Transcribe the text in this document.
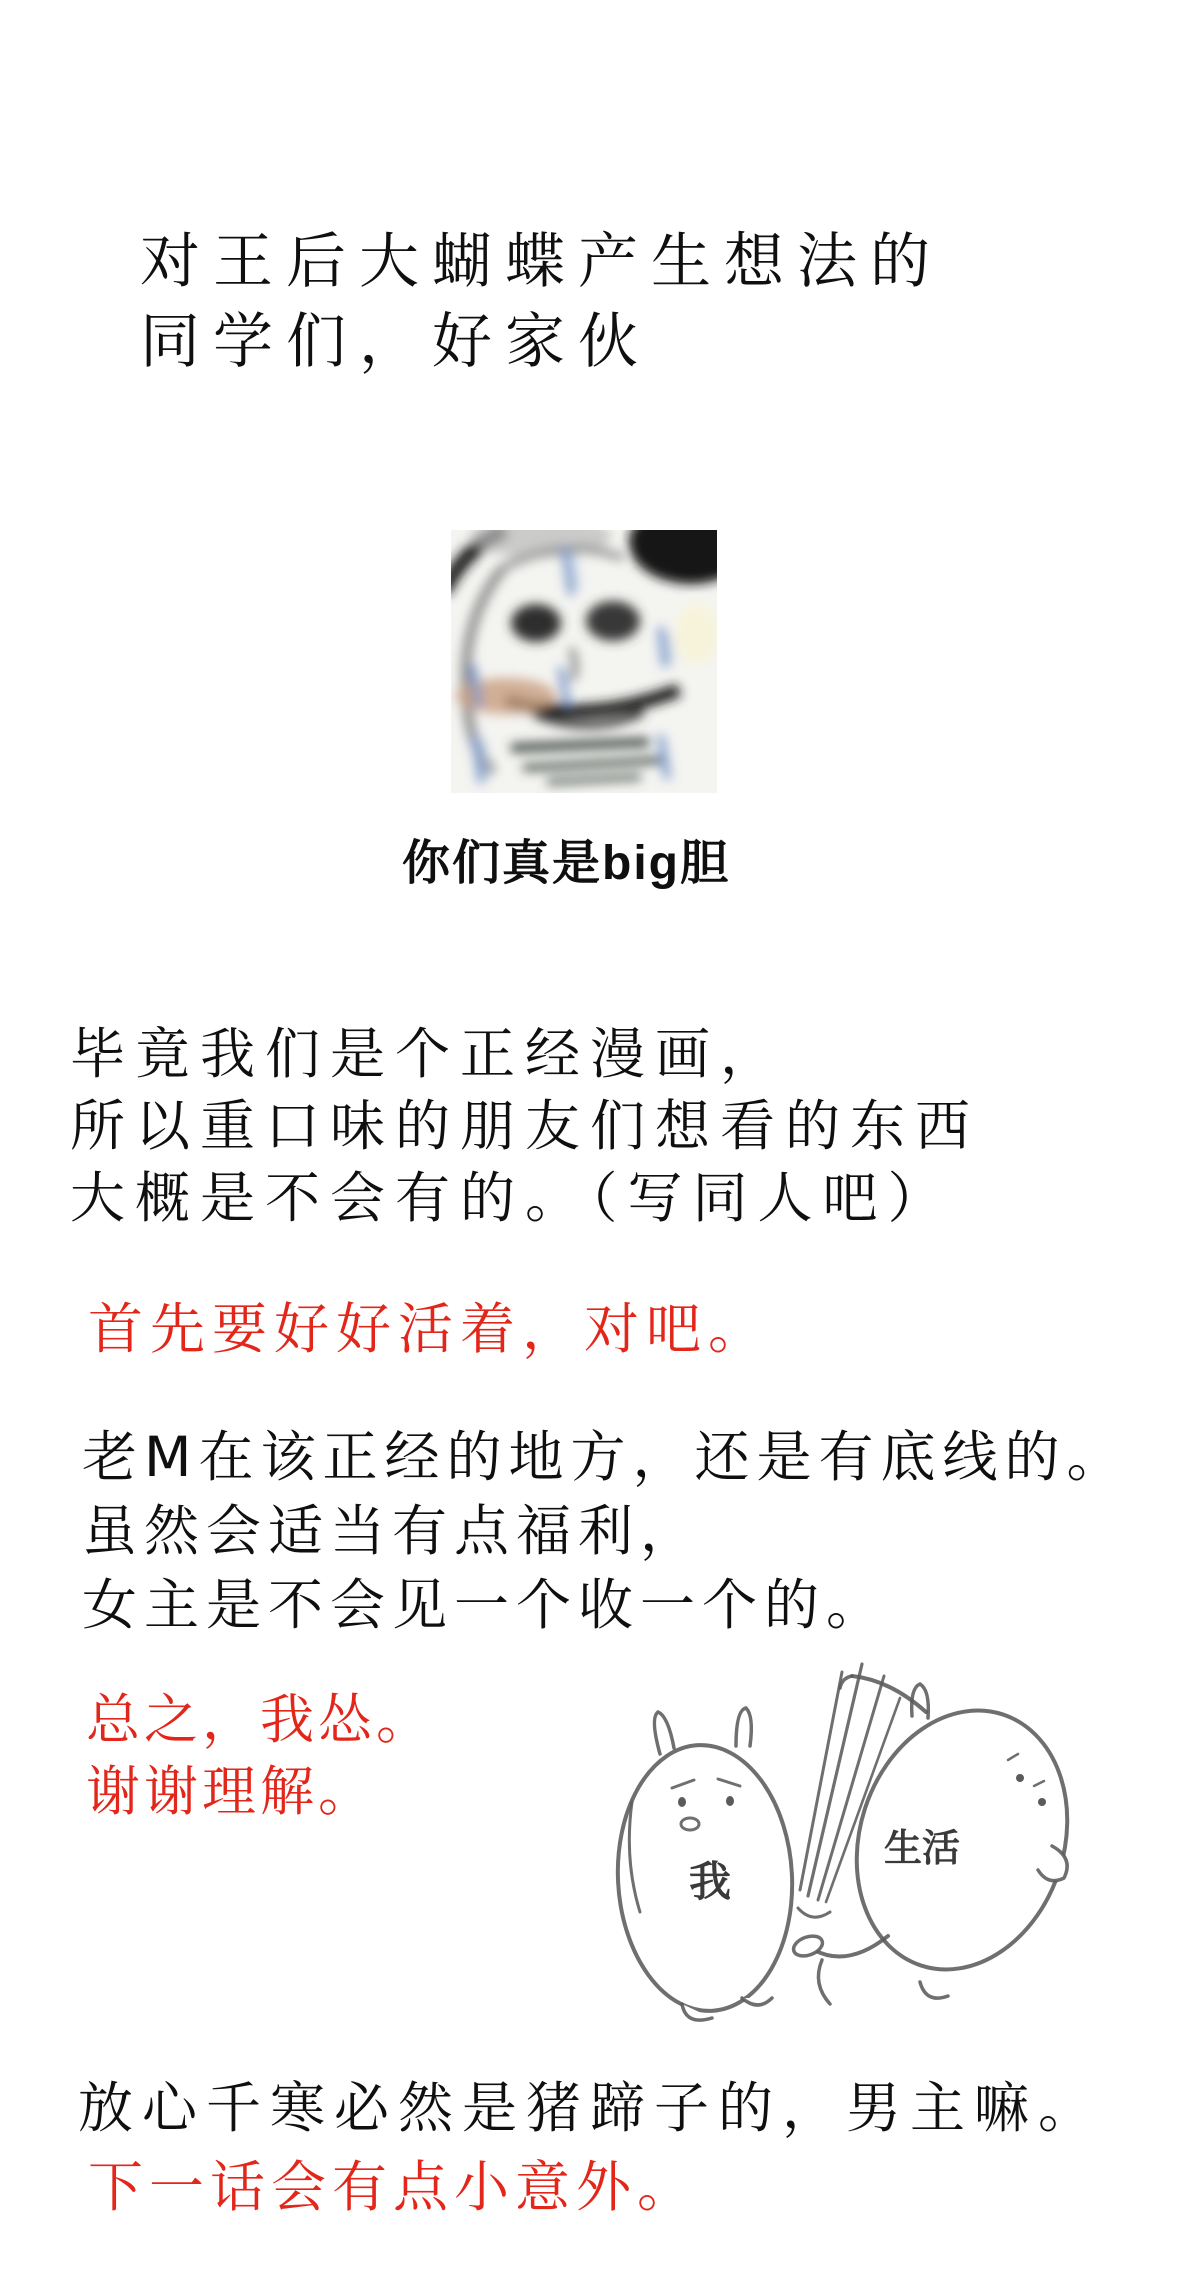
对王后大蝴蝶产生想法的
同学们，好家伙
你们真是big胆
毕竟我们是个正经漫画，
所以重口味的朋友们想看的东西
大概是不会有的。（写同人吧）
首先要好好活着，对吧。
老M在该正经的地方，还是有底线的。
虽然会适当有点福利，
女主是不会见一个收一个的。
总之，我怂。
谢谢理解。
我
生活
放心千寒必然是猪蹄子的，男主嘛。
下一话会有点小意外。
